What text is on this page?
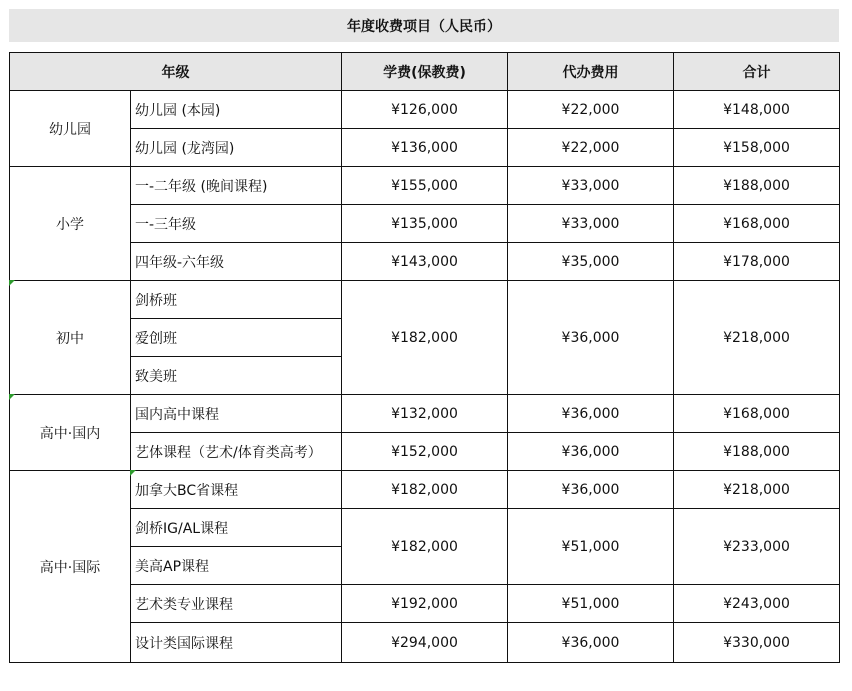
年度收费项目（人民币）
年级		学费(保教费)	代办费用	合计
幼儿园	幼儿园 (本园)	¥126,000	¥22,000	¥148,000
	幼儿园 (龙湾园)	¥136,000	¥22,000	¥158,000
小学	一-二年级 (晚间课程)	¥155,000	¥33,000	¥188,000
	一-三年级	¥135,000	¥33,000	¥168,000
	四年级-六年级	¥143,000	¥35,000	¥178,000
初中	剑桥班	¥182,000	¥36,000	¥218,000
	爱创班			
	致美班			
高中·国内	国内高中课程	¥132,000	¥36,000	¥168,000
	艺体课程（艺术/体育类高考）	¥152,000	¥36,000	¥188,000
高中·国际	加拿大BC省课程	¥182,000	¥36,000	¥218,000
	剑桥IG/AL课程	¥182,000	¥51,000	¥233,000
	美高AP课程			
	艺术类专业课程	¥192,000	¥51,000	¥243,000
	设计类国际课程	¥294,000	¥36,000	¥330,000
